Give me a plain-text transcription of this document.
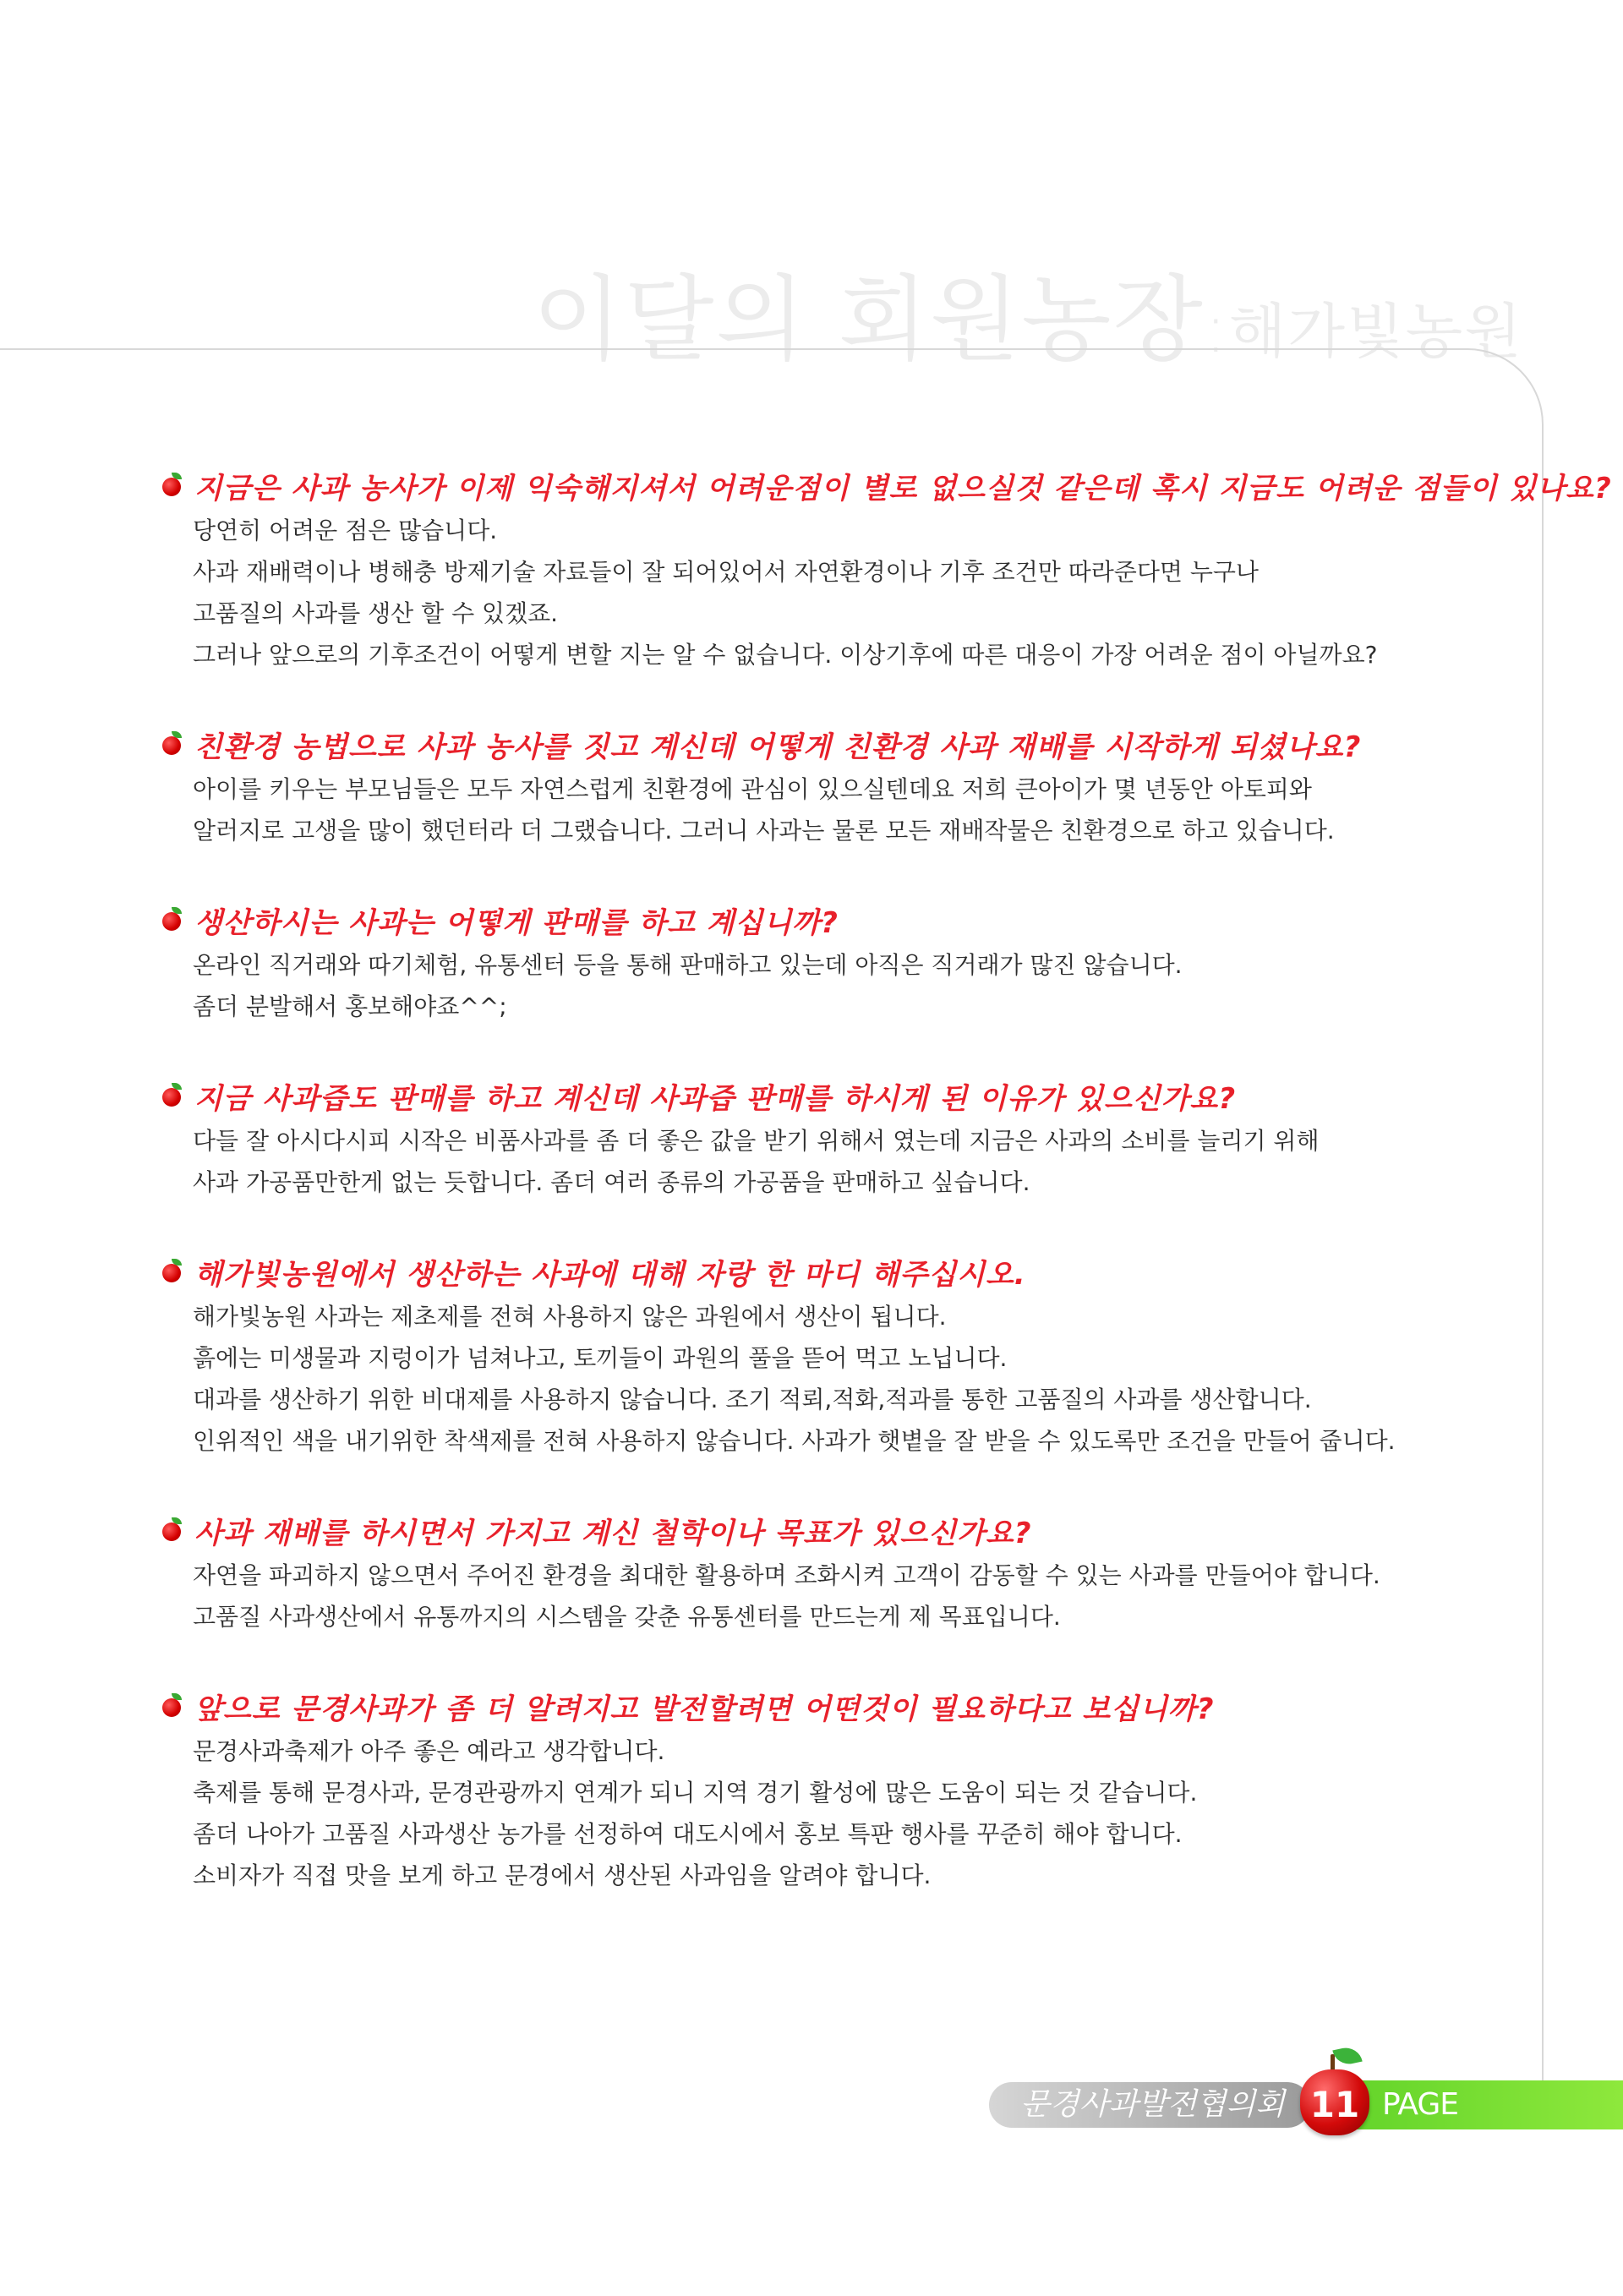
이달의 회원농장:해가빛농원
지금은 사과 농사가 이제 익숙해지셔서 어려운점이 별로 없으실것 같은데 혹시 지금도 어려운 점들이 있나요?
당연히 어려운 점은 많습니다.
사과 재배력이나 병해충 방제기술 자료들이 잘 되어있어서 자연환경이나 기후 조건만 따라준다면 누구나
고품질의 사과를 생산 할 수 있겠죠.
그러나 앞으로의 기후조건이 어떻게 변할 지는 알 수 없습니다. 이상기후에 따른 대응이 가장 어려운 점이 아닐까요?
친환경 농법으로 사과 농사를 짓고 계신데 어떻게 친환경 사과 재배를 시작하게 되셨나요?
아이를 키우는 부모님들은 모두 자연스럽게 친환경에 관심이 있으실텐데요 저희 큰아이가 몇 년동안 아토피와
알러지로 고생을 많이 했던터라 더 그랬습니다. 그러니 사과는 물론 모든 재배작물은 친환경으로 하고 있습니다.
생산하시는 사과는 어떻게 판매를 하고 계십니까?
온라인 직거래와 따기체험, 유통센터 등을 통해 판매하고 있는데 아직은 직거래가 많진 않습니다.
좀더 분발해서 홍보해야죠^^;
지금 사과즙도 판매를 하고 계신데 사과즙 판매를 하시게 된 이유가 있으신가요?
다들 잘 아시다시피 시작은 비품사과를 좀 더 좋은 값을 받기 위해서 였는데 지금은 사과의 소비를 늘리기 위해
사과 가공품만한게 없는 듯합니다. 좀더 여러 종류의 가공품을 판매하고 싶습니다.
해가빛농원에서 생산하는 사과에 대해 자랑 한 마디 해주십시오.
해가빛농원 사과는 제초제를 전혀 사용하지 않은 과원에서 생산이 됩니다.
흙에는 미생물과 지렁이가 넘쳐나고, 토끼들이 과원의 풀을 뜯어 먹고 노닙니다.
대과를 생산하기 위한 비대제를 사용하지 않습니다. 조기 적뢰,적화,적과를 통한 고품질의 사과를 생산합니다.
인위적인 색을 내기위한 착색제를 전혀 사용하지 않습니다. 사과가 햇볕을 잘 받을 수 있도록만 조건을 만들어 줍니다.
사과 재배를 하시면서 가지고 계신 철학이나 목표가 있으신가요?
자연을 파괴하지 않으면서 주어진 환경을 최대한 활용하며 조화시켜 고객이 감동할 수 있는 사과를 만들어야 합니다.
고품질 사과생산에서 유통까지의 시스템을 갖춘 유통센터를 만드는게 제 목표입니다.
앞으로 문경사과가 좀 더 알려지고 발전할려면 어떤것이 필요하다고 보십니까?
문경사과축제가 아주 좋은 예라고 생각합니다.
축제를 통해 문경사과, 문경관광까지 연계가 되니 지역 경기 활성에 많은 도움이 되는 것 같습니다.
좀더 나아가 고품질 사과생산 농가를 선정하여 대도시에서 홍보 특판 행사를 꾸준히 해야 합니다.
소비자가 직접 맛을 보게 하고 문경에서 생산된 사과임을 알려야 합니다.
문경사과발전협의회	PAGE
11
